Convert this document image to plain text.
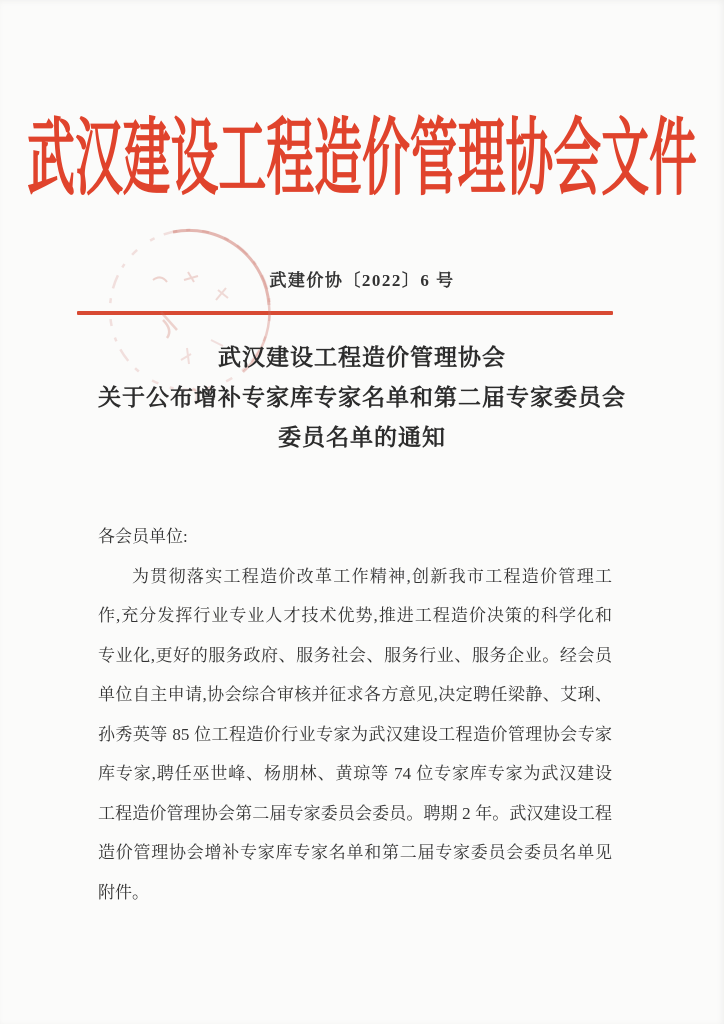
武汉建设工程造价管理协会文件
武建价协〔2022〕6 号
武汉建设工程造价管理协会
关于公布增补专家库专家名单和第二届专家委员会
委员名单的通知
各会员单位:
为贯彻落实工程造价改革工作精神,创新我市工程造价管理工
作,充分发挥行业专业人才技术优势,推进工程造价决策的科学化和
专业化,更好的服务政府、服务社会、服务行业、服务企业。经会员
单位自主申请,协会综合审核并征求各方意见,决定聘任梁静、艾琍、
孙秀英等 85 位工程造价行业专家为武汉建设工程造价管理协会专家
库专家,聘任巫世峰、杨朋林、黄琼等 74 位专家库专家为武汉建设
工程造价管理协会第二届专家委员会委员。聘期 2 年。武汉建设工程
造价管理协会增补专家库专家名单和第二届专家委员会委员名单见
附件。
